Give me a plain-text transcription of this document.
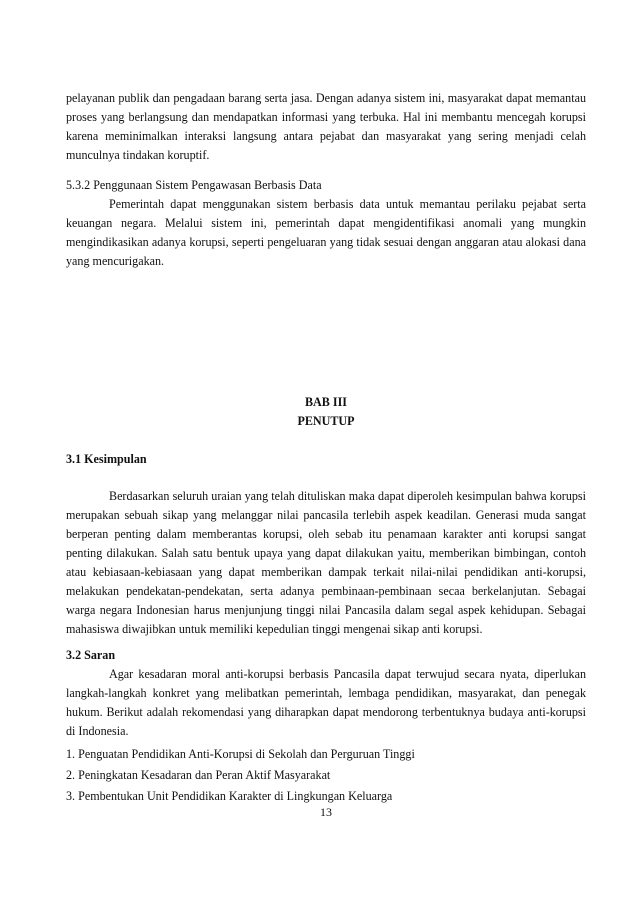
pelayanan publik dan pengadaan barang serta jasa. Dengan adanya sistem ini, masyarakat dapat memantau proses yang berlangsung dan mendapatkan informasi yang terbuka. Hal ini membantu mencegah korupsi karena meminimalkan interaksi langsung antara pejabat dan masyarakat yang sering menjadi celah munculnya tindakan koruptif.

5.3.2 Penggunaan Sistem Pengawasan Berbasis Data

Pemerintah dapat menggunakan sistem berbasis data untuk memantau perilaku pejabat serta keuangan negara. Melalui sistem ini, pemerintah dapat mengidentifikasi anomali yang mungkin mengindikasikan adanya korupsi, seperti pengeluaran yang tidak sesuai dengan anggaran atau alokasi dana yang mencurigakan.

BAB III

PENUTUP

3.1 Kesimpulan

Berdasarkan seluruh uraian yang telah dituliskan maka dapat diperoleh kesimpulan bahwa korupsi merupakan sebuah sikap yang melanggar nilai pancasila terlebih aspek keadilan. Generasi muda sangat berperan penting dalam memberantas korupsi, oleh sebab itu penamaan karakter anti korupsi sangat penting dilakukan. Salah satu bentuk upaya yang dapat dilakukan yaitu, memberikan bimbingan, contoh atau kebiasaan-kebiasaan yang dapat memberikan dampak terkait nilai-nilai pendidikan anti-korupsi, melakukan pendekatan-pendekatan, serta adanya pembinaan-pembinaan secaa berkelanjutan. Sebagai warga negara Indonesian harus menjunjung tinggi nilai Pancasila dalam segal aspek kehidupan. Sebagai mahasiswa diwajibkan untuk memiliki kepedulian tinggi mengenai sikap anti korupsi.

3.2 Saran

Agar kesadaran moral anti-korupsi berbasis Pancasila dapat terwujud secara nyata, diperlukan langkah-langkah konkret yang melibatkan pemerintah, lembaga pendidikan, masyarakat, dan penegak hukum. Berikut adalah rekomendasi yang diharapkan dapat mendorong terbentuknya budaya anti-korupsi di Indonesia.

1. Penguatan Pendidikan Anti-Korupsi di Sekolah dan Perguruan Tinggi
2. Peningkatan Kesadaran dan Peran Aktif Masyarakat
3. Pembentukan Unit Pendidikan Karakter di Lingkungan Keluarga
13
